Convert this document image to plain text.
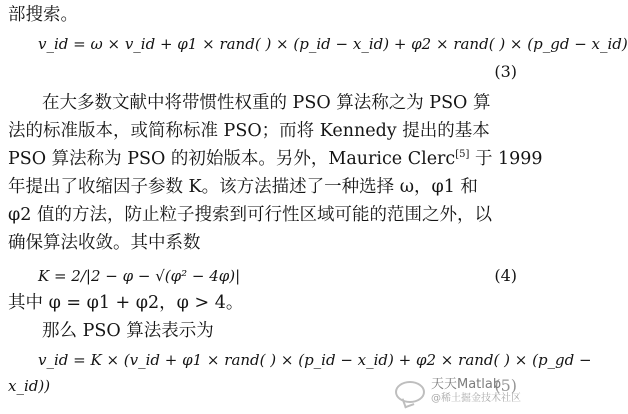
部搜索。
v_id = ω × v_id + φ1 × rand( ) × (p_id − x_id) + φ2 × rand( ) × (p_gd − x_id)
(3)
在大多数文献中将带惯性权重的 PSO 算法称之为 PSO 算
法的标准版本，或简称标准 PSO；而将 Kennedy 提出的基本
PSO 算法称为 PSO 的初始版本。另外，Maurice Clerc[5] 于 1999
年提出了收缩因子参数 K。该方法描述了一种选择 ω，φ1 和
φ2 值的方法，防止粒子搜索到可行性区域可能的范围之外，以
确保算法收敛。其中系数
K = 2/|2 − φ − √(φ² − 4φ)|	(4)
其中 φ = φ1 + φ2，φ > 4。
那么 PSO 算法表示为
v_id = K × (v_id + φ1 × rand( ) × (p_id − x_id) + φ2 × rand( ) × (p_gd −
x_id))	(5)
天天Matlab
@稀土掘金技术社区
